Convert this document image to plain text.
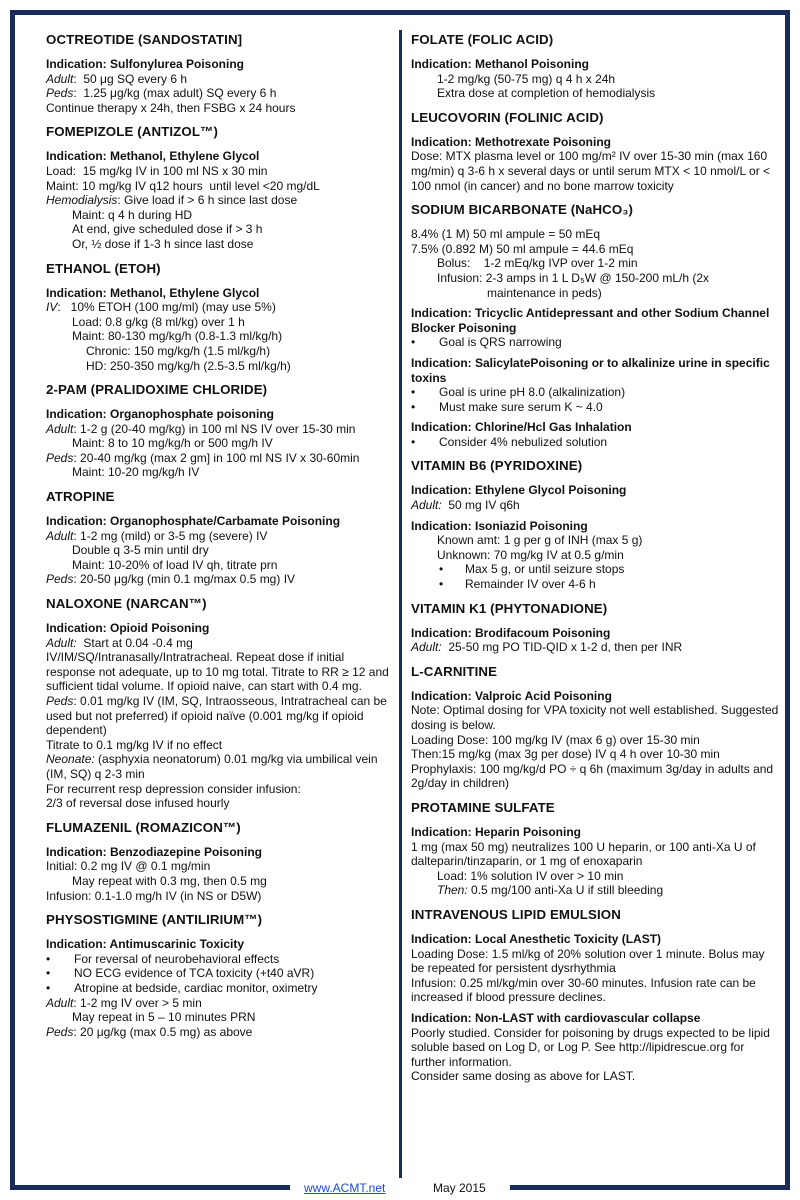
OCTREOTIDE (SANDOSTATIN]
Indication: Sulfonylurea Poisoning
Adult:  50 μg SQ every 6 h
Peds:  1.25 μg/kg (max adult) SQ every 6 h
Continue therapy x 24h, then FSBG x 24 hours
FOMEPIZOLE (ANTIZOL™)
Indication: Methanol, Ethylene Glycol
Load:  15 mg/kg IV in 100 ml NS x 30 min
Maint: 10 mg/kg IV q12 hours  until level <20 mg/dL
Hemodialysis: Give load if > 6 h since last dose
Maint: q 4 h during HD
At end, give scheduled dose if > 3 h
Or, ½ dose if 1-3 h since last dose
ETHANOL (ETOH)
Indication: Methanol, Ethylene Glycol
IV:   10% ETOH (100 mg/ml) (may use 5%)
Load: 0.8 g/kg (8 ml/kg) over 1 h
Maint: 80-130 mg/kg/h (0.8-1.3 ml/kg/h)
Chronic: 150 mg/kg/h (1.5 ml/kg/h)
HD: 250-350 mg/kg/h (2.5-3.5 ml/kg/h)
2-PAM (PRALIDOXIME CHLORIDE)
Indication: Organophosphate poisoning
Adult: 1-2 g (20-40 mg/kg) in 100 ml NS IV over 15-30 min
Maint: 8 to 10 mg/kg/h or 500 mg/h IV
Peds: 20-40 mg/kg (max 2 gm] in 100 ml NS IV x 30-60min
Maint: 10-20 mg/kg/h IV
ATROPINE
Indication: Organophosphate/Carbamate Poisoning
Adult: 1-2 mg (mild) or 3-5 mg (severe) IV
Double q 3-5 min until dry
Maint: 10-20% of load IV qh, titrate prn
Peds: 20-50 μg/kg (min 0.1 mg/max 0.5 mg) IV
NALOXONE (NARCAN™)
Indication: Opioid Poisoning
Adult:  Start at 0.04 -0.4 mg
IV/IM/SQ/Intranasally/Intratracheal. Repeat dose if initial response not adequate, up to 10 mg total. Titrate to RR ≥ 12 and sufficient tidal volume. If opioid naive, can start with 0.4 mg.
Peds: 0.01 mg/kg IV (IM, SQ, Intraosseous, Intratracheal can be used but not preferred) if opioid naïve (0.001 mg/kg if opioid dependent)
Titrate to 0.1 mg/kg IV if no effect
Neonate: (asphyxia neonatorum) 0.01 mg/kg via umbilical vein (IM, SQ) q 2-3 min
For recurrent resp depression consider infusion:
2/3 of reversal dose infused hourly
FLUMAZENIL (ROMAZICON™)
Indication: Benzodiazepine Poisoning
Initial: 0.2 mg IV @ 0.1 mg/min
May repeat with 0.3 mg, then 0.5 mg
Infusion: 0.1-1.0 mg/h IV (in NS or D5W)
PHYSOSTIGMINE (ANTILIRIUM™)
Indication: Antimuscarinic Toxicity
• For reversal of neurobehavioral effects
• NO ECG evidence of TCA toxicity (+t40 aVR)
• Atropine at bedside, cardiac monitor, oximetry
Adult: 1-2 mg IV over > 5 min
May repeat in 5 – 10 minutes PRN
Peds: 20 μg/kg (max 0.5 mg) as above
FOLATE (FOLIC ACID)
Indication: Methanol Poisoning
1-2 mg/kg (50-75 mg) q 4 h x 24h
Extra dose at completion of hemodialysis
LEUCOVORIN (FOLINIC ACID)
Indication: Methotrexate Poisoning
Dose: MTX plasma level or 100 mg/m² IV over 15-30 min (max 160 mg/min) q 3-6 h x several days or until serum MTX < 10 nmol/L or < 100 nmol (in cancer) and no bone marrow toxicity
SODIUM BICARBONATE (NaHCO₃)
8.4% (1 M) 50 ml ampule = 50 mEq
7.5% (0.892 M) 50 ml ampule = 44.6 mEq
Bolus:    1-2 mEq/kg IVP over 1-2 min
Infusion: 2-3 amps in 1 L D₅W @ 150-200 mL/h (2x
maintenance in peds)
Indication: Tricyclic Antidepressant and other Sodium Channel Blocker Poisoning
• Goal is QRS narrowing
Indication: SalicylatePoisoning or to alkalinize urine in specific toxins
• Goal is urine pH 8.0 (alkalinization)
• Must make sure serum K ~ 4.0
Indication: Chlorine/Hcl Gas Inhalation
• Consider 4% nebulized solution
VITAMIN B6 (PYRIDOXINE)
Indication: Ethylene Glycol Poisoning
Adult:  50 mg IV q6h
Indication: Isoniazid Poisoning
Known amt: 1 g per g of INH (max 5 g)
Unknown: 70 mg/kg IV at 0.5 g/min
• Max 5 g, or until seizure stops
• Remainder IV over 4-6 h
VITAMIN K1 (PHYTONADIONE)
Indication: Brodifacoum Poisoning
Adult:  25-50 mg PO TID-QID x 1-2 d, then per INR
L-CARNITINE
Indication: Valproic Acid Poisoning
Note: Optimal dosing for VPA toxicity not well established. Suggested dosing is below.
Loading Dose: 100 mg/kg IV (max 6 g) over 15-30 min
Then:15 mg/kg (max 3g per dose) IV q 4 h over 10-30 min
Prophylaxis: 100 mg/kg/d PO ÷ q 6h (maximum 3g/day in adults and 2g/day in children)
PROTAMINE SULFATE
Indication: Heparin Poisoning
1 mg (max 50 mg) neutralizes 100 U heparin, or 100 anti-Xa U of dalteparin/tinzaparin, or 1 mg of enoxaparin
Load: 1% solution IV over > 10 min
Then: 0.5 mg/100 anti-Xa U if still bleeding
INTRAVENOUS LIPID EMULSION
Indication: Local Anesthetic Toxicity (LAST)
Loading Dose: 1.5 ml/kg of 20% solution over 1 minute. Bolus may be repeated for persistent dysrhythmia
Infusion: 0.25 ml/kg/min over 30-60 minutes. Infusion rate can be increased if blood pressure declines.
Indication: Non-LAST with cardiovascular collapse
Poorly studied. Consider for poisoning by drugs expected to be lipid soluble based on Log D, or Log P. See http://lipidrescue.org for further information.
Consider same dosing as above for LAST.
www.ACMT.net	May 2015
